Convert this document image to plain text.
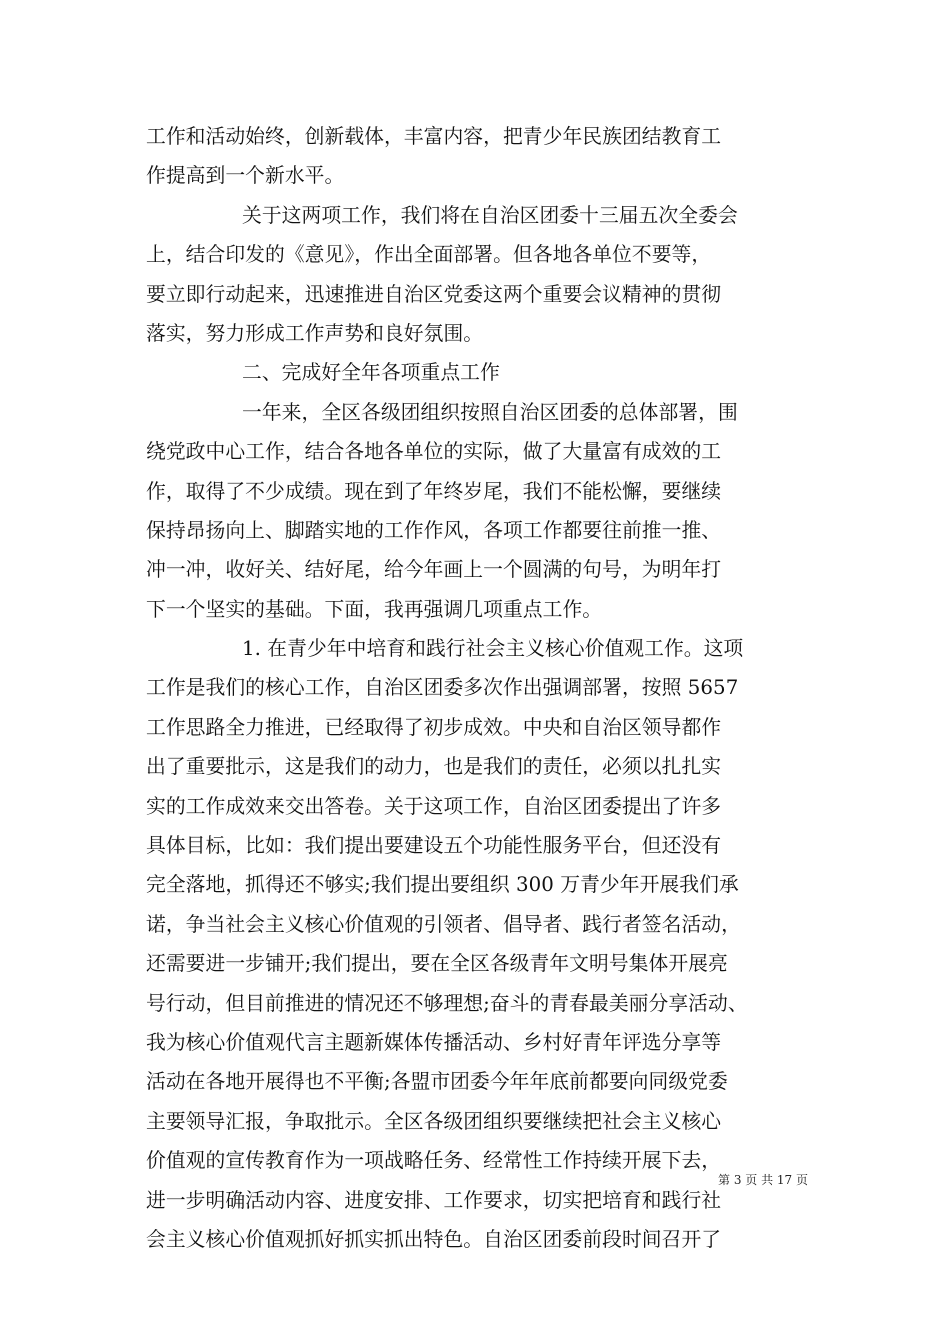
工作和活动始终，创新载体，丰富内容，把青少年民族团结教育工
作提高到一个新水平。
关于这两项工作，我们将在自治区团委十三届五次全委会
上，结合印发的《意见》，作出全面部署。但各地各单位不要等，
要立即行动起来，迅速推进自治区党委这两个重要会议精神的贯彻
落实，努力形成工作声势和良好氛围。
二、完成好全年各项重点工作
一年来，全区各级团组织按照自治区团委的总体部署，围
绕党政中心工作，结合各地各单位的实际，做了大量富有成效的工
作，取得了不少成绩。现在到了年终岁尾，我们不能松懈，要继续
保持昂扬向上、脚踏实地的工作作风，各项工作都要往前推一推、
冲一冲，收好关、结好尾，给今年画上一个圆满的句号，为明年打
下一个坚实的基础。下面，我再强调几项重点工作。
1. 在青少年中培育和践行社会主义核心价值观工作。这项
工作是我们的核心工作，自治区团委多次作出强调部署，按照 5657
工作思路全力推进，已经取得了初步成效。中央和自治区领导都作
出了重要批示，这是我们的动力，也是我们的责任，必须以扎扎实
实的工作成效来交出答卷。关于这项工作，自治区团委提出了许多
具体目标，比如：我们提出要建设五个功能性服务平台，但还没有
完全落地，抓得还不够实;我们提出要组织 300 万青少年开展我们承
诺，争当社会主义核心价值观的引领者、倡导者、践行者签名活动，
还需要进一步铺开;我们提出，要在全区各级青年文明号集体开展亮
号行动，但目前推进的情况还不够理想;奋斗的青春最美丽分享活动、
我为核心价值观代言主题新媒体传播活动、乡村好青年评选分享等
活动在各地开展得也不平衡;各盟市团委今年年底前都要向同级党委
主要领导汇报，争取批示。全区各级团组织要继续把社会主义核心
价值观的宣传教育作为一项战略任务、经常性工作持续开展下去，
进一步明确活动内容、进度安排、工作要求，切实把培育和践行社
会主义核心价值观抓好抓实抓出特色。自治区团委前段时间召开了
第 3 页 共 17 页
